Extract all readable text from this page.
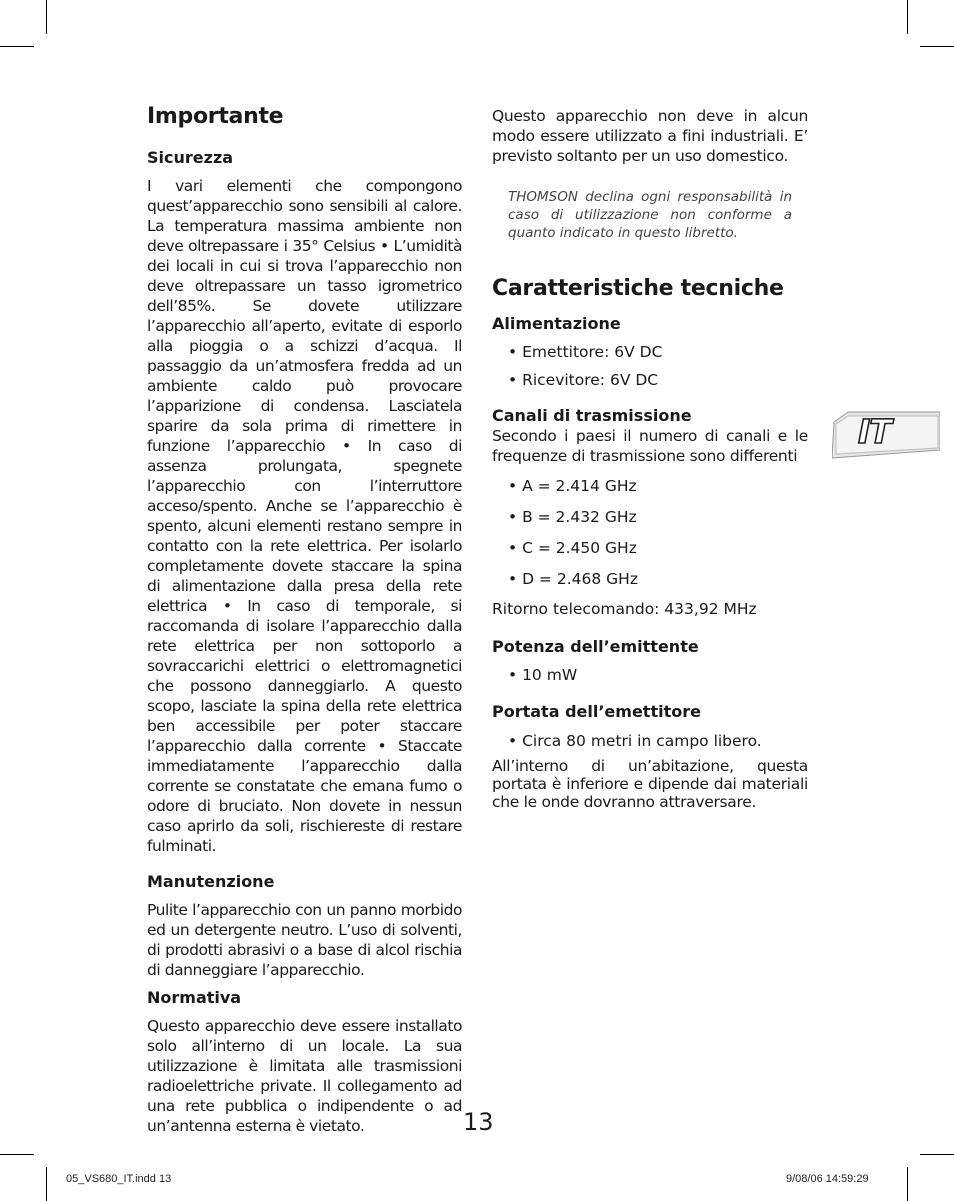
Importante
Sicurezza

I vari elementi che compongono quest’apparecchio sono sensibili al calore. La temperatura massima ambiente non deve oltrepassare i 35° Celsius • L’umidità dei locali in cui si trova l’apparecchio non deve oltrepassare un tasso igrometrico dell’85%. Se dovete utilizzare l’apparecchio all’aperto, evitate di esporlo alla pioggia o a schizzi d’acqua. Il passaggio da un’atmosfera fredda ad un ambiente caldo può provocare l’apparizione di condensa. Lasciatela sparire da sola prima di rimettere in funzione l’apparecchio • In caso di assenza prolungata, spegnete l’apparecchio con l’interruttore acceso/spento. Anche se l’apparecchio è spento, alcuni elementi restano sempre in contatto con la rete elettrica. Per isolarlo completamente dovete staccare la spina di alimentazione dalla presa della rete elettrica • In caso di temporale, si raccomanda di isolare l’apparecchio dalla rete elettrica per non sottoporlo a sovraccarichi elettrici o elettromagnetici che possono danneggiarlo. A questo scopo, lasciate la spina della rete elettrica ben accessibile per poter staccare l’apparecchio dalla corrente • Staccate immediatamente l’apparecchio dalla corrente se constatate che emana fumo o odore di bruciato. Non dovete in nessun caso aprirlo da soli, rischiereste di restare fulminati.

Manutenzione

Pulite l’apparecchio con un panno morbido ed un detergente neutro. L’uso di solventi, di prodotti abrasivi o a base di alcol rischia di danneggiare l’apparecchio.

Normativa

Questo apparecchio deve essere installato solo all’interno di un locale. La sua utilizzazione è limitata alle trasmissioni radioelettriche private. Il collegamento ad una rete pubblica o indipendente o ad un’antenna esterna è vietato.

Questo apparecchio non deve in alcun modo essere utilizzato a fini industriali. E’ previsto soltanto per un uso domestico.

THOMSON declina ogni responsabilità in caso di utilizzazione non conforme a quanto indicato in questo libretto.

Caratteristiche tecniche
Alimentazione

• Emettitore: 6V DC

• Ricevitore: 6V DC

Canali di trasmissione

Secondo i paesi il numero di canali e le frequenze di trasmissione sono differenti

• A = 2.414 GHz

• B = 2.432 GHz

• C = 2.450 GHz

• D = 2.468 GHz

Ritorno telecomando: 433,92 MHz

Potenza dell’emittente

• 10 mW

Portata dell’emettitore

• Circa 80 metri in campo libero.

All’interno di un’abitazione, questa portata è inferiore e dipende dai materiali che le onde dovranno attraversare.

IT
13
05_VS680_IT.indd 13	9/08/06 14:59:29
